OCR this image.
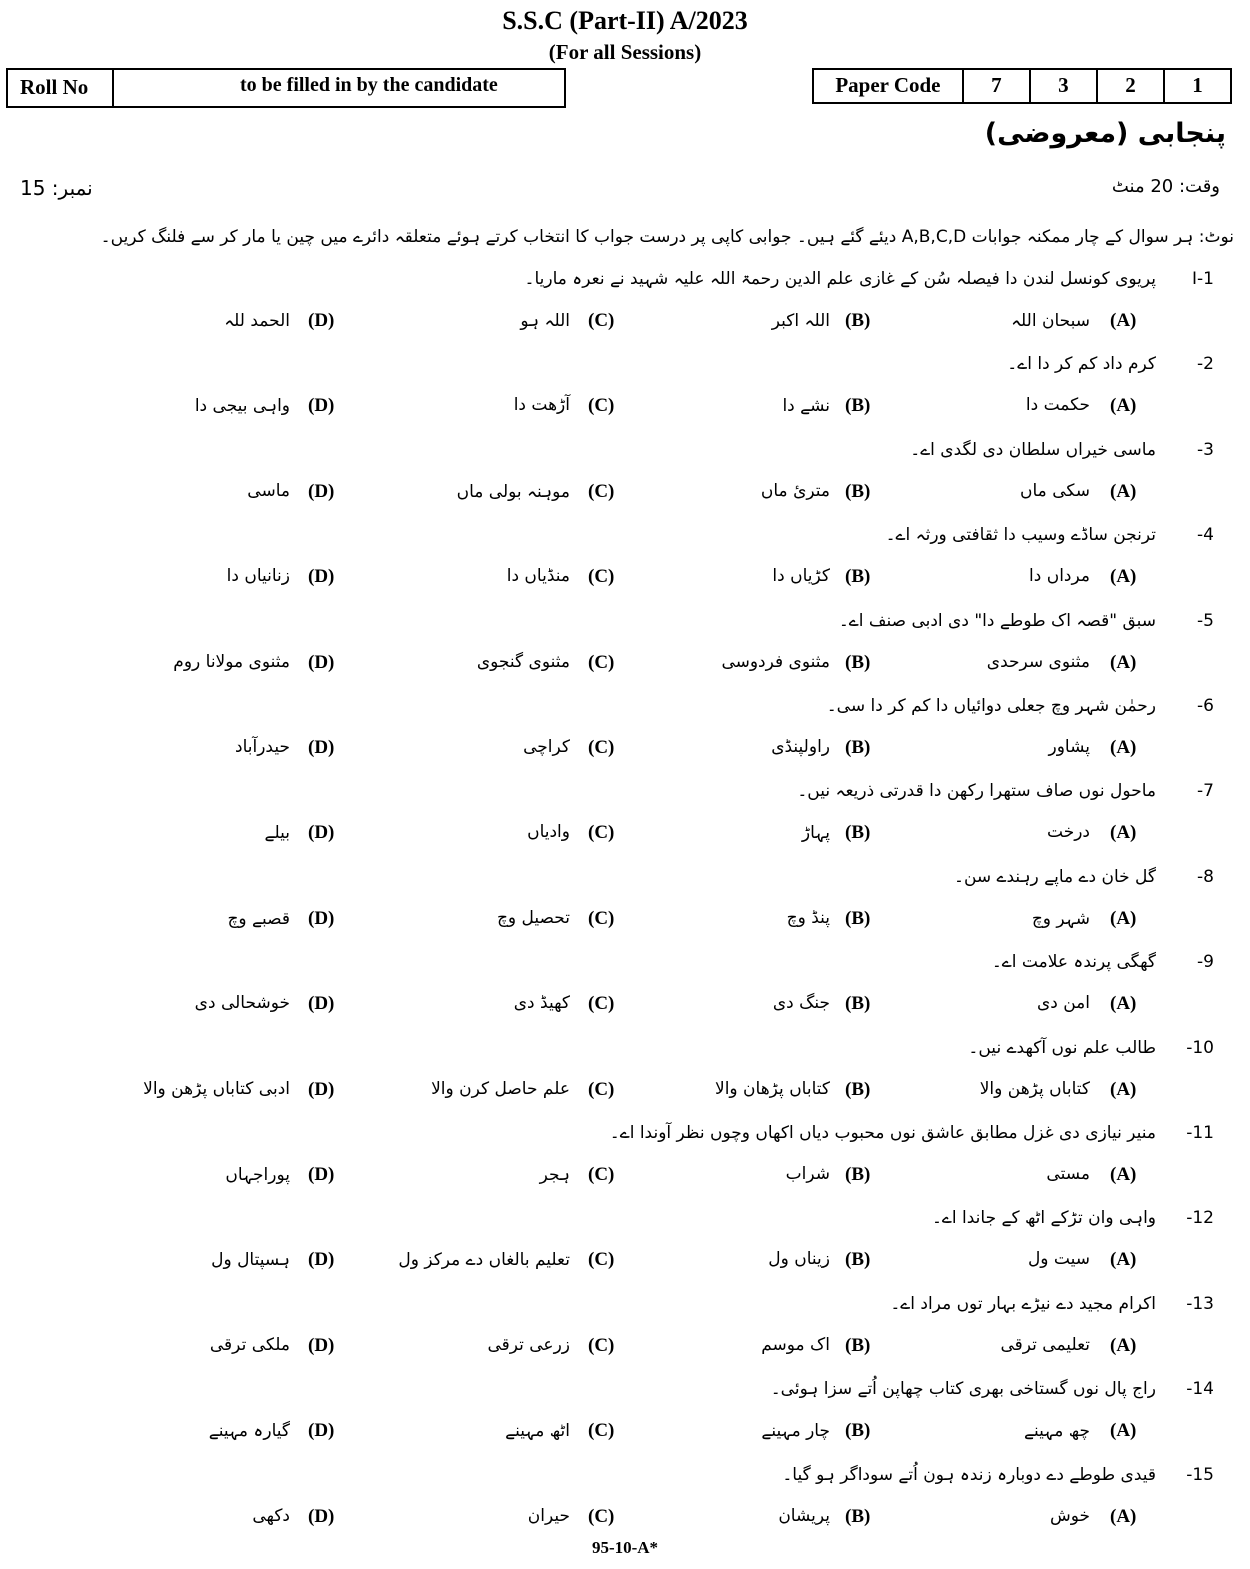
S.S.C (Part-II) A/2023
(For all Sessions)
Roll No	to be filled in by the candidate	Paper Code	7	3	2	1
پنجابی (معروضی)
نمبر: 15	وقت: 20 منٹ
نوٹ: ہر سوال کے چار ممکنہ جوابات A,B,C,D دیئے گئے ہیں۔ جوابی کاپی پر درست جواب کا انتخاب کرتے ہوئے متعلقہ دائرے میں چین یا مار کر سے فلنگ کریں۔
I-1پریوی کونسل لندن دا فیصلہ سُن کے غازی علم الدین رحمۃ اللہ علیہ شہید نے نعرہ ماریا۔
(A)
سبحان اللہ
(B)
اللہ اکبر
(C)
اللہ ہو
(D)
الحمد للہ
2-کرم داد کم کر دا اے۔
(A)
حکمت دا
(B)
نشے دا
(C)
آڑھت دا
(D)
واہی بیجی دا
3-ماسی خیراں سلطان دی لگدی اے۔
(A)
سکی ماں
(B)
متریٔ ماں
(C)
موہنہ بولی ماں
(D)
ماسی
4-ترنجن ساڈے وسیب دا ثقافتی ورثہ اے۔
(A)
مرداں دا
(B)
کڑیاں دا
(C)
منڈیاں دا
(D)
زنانیاں دا
5-سبق "قصہ اک طوطے دا" دی ادبی صنف اے۔
(A)
مثنوی سرحدی
(B)
مثنوی فردوسی
(C)
مثنوی گنجوی
(D)
مثنوی مولانا روم
6-رحمٰن شہر وچ جعلی دوائیاں دا کم کر دا سی۔
(A)
پشاور
(B)
راولپنڈی
(C)
کراچی
(D)
حیدرآباد
7-ماحول نوں صاف ستھرا رکھن دا قدرتی ذریعہ نیں۔
(A)
درخت
(B)
پہاڑ
(C)
وادیاں
(D)
بیلے
8-گل خان دے ماپے رہندے سن۔
(A)
شہر وچ
(B)
پنڈ وچ
(C)
تحصیل وچ
(D)
قصبے وچ
9-گھگی پرندہ علامت اے۔
(A)
امن دی
(B)
جنگ دی
(C)
کھیڈ دی
(D)
خوشحالی دی
10-طالب علم نوں آکھدے نیں۔
(A)
کتاباں پڑھن والا
(B)
کتاباں پڑھان والا
(C)
علم حاصل کرن والا
(D)
ادبی کتاباں پڑھن والا
11-منیر نیازی دی غزل مطابق عاشق نوں محبوب دیاں اکھاں وچوں نظر آوندا اے۔
(A)
مستی
(B)
شراب
(C)
ہجر
(D)
پوراجہاں
12-واہی وان تڑکے اٹھ کے جاندا اے۔
(A)
سیت ول
(B)
زیناں ول
(C)
تعلیم بالغاں دے مرکز ول
(D)
ہسپتال ول
13-اکرام مجید دے نیڑے بہار توں مراد اے۔
(A)
تعلیمی ترقی
(B)
اک موسم
(C)
زرعی ترقی
(D)
ملکی ترقی
14-راج پال نوں گستاخی بھری کتاب چھاپن اُتے سزا ہوئی۔
(A)
چھ مہینے
(B)
چار مہینے
(C)
اٹھ مہینے
(D)
گیارہ مہینے
15-قیدی طوطے دے دوبارہ زندہ ہون اُتے سوداگر ہو گیا۔
(A)
خوش
(B)
پریشان
(C)
حیران
(D)
دکھی
95-10-A*
